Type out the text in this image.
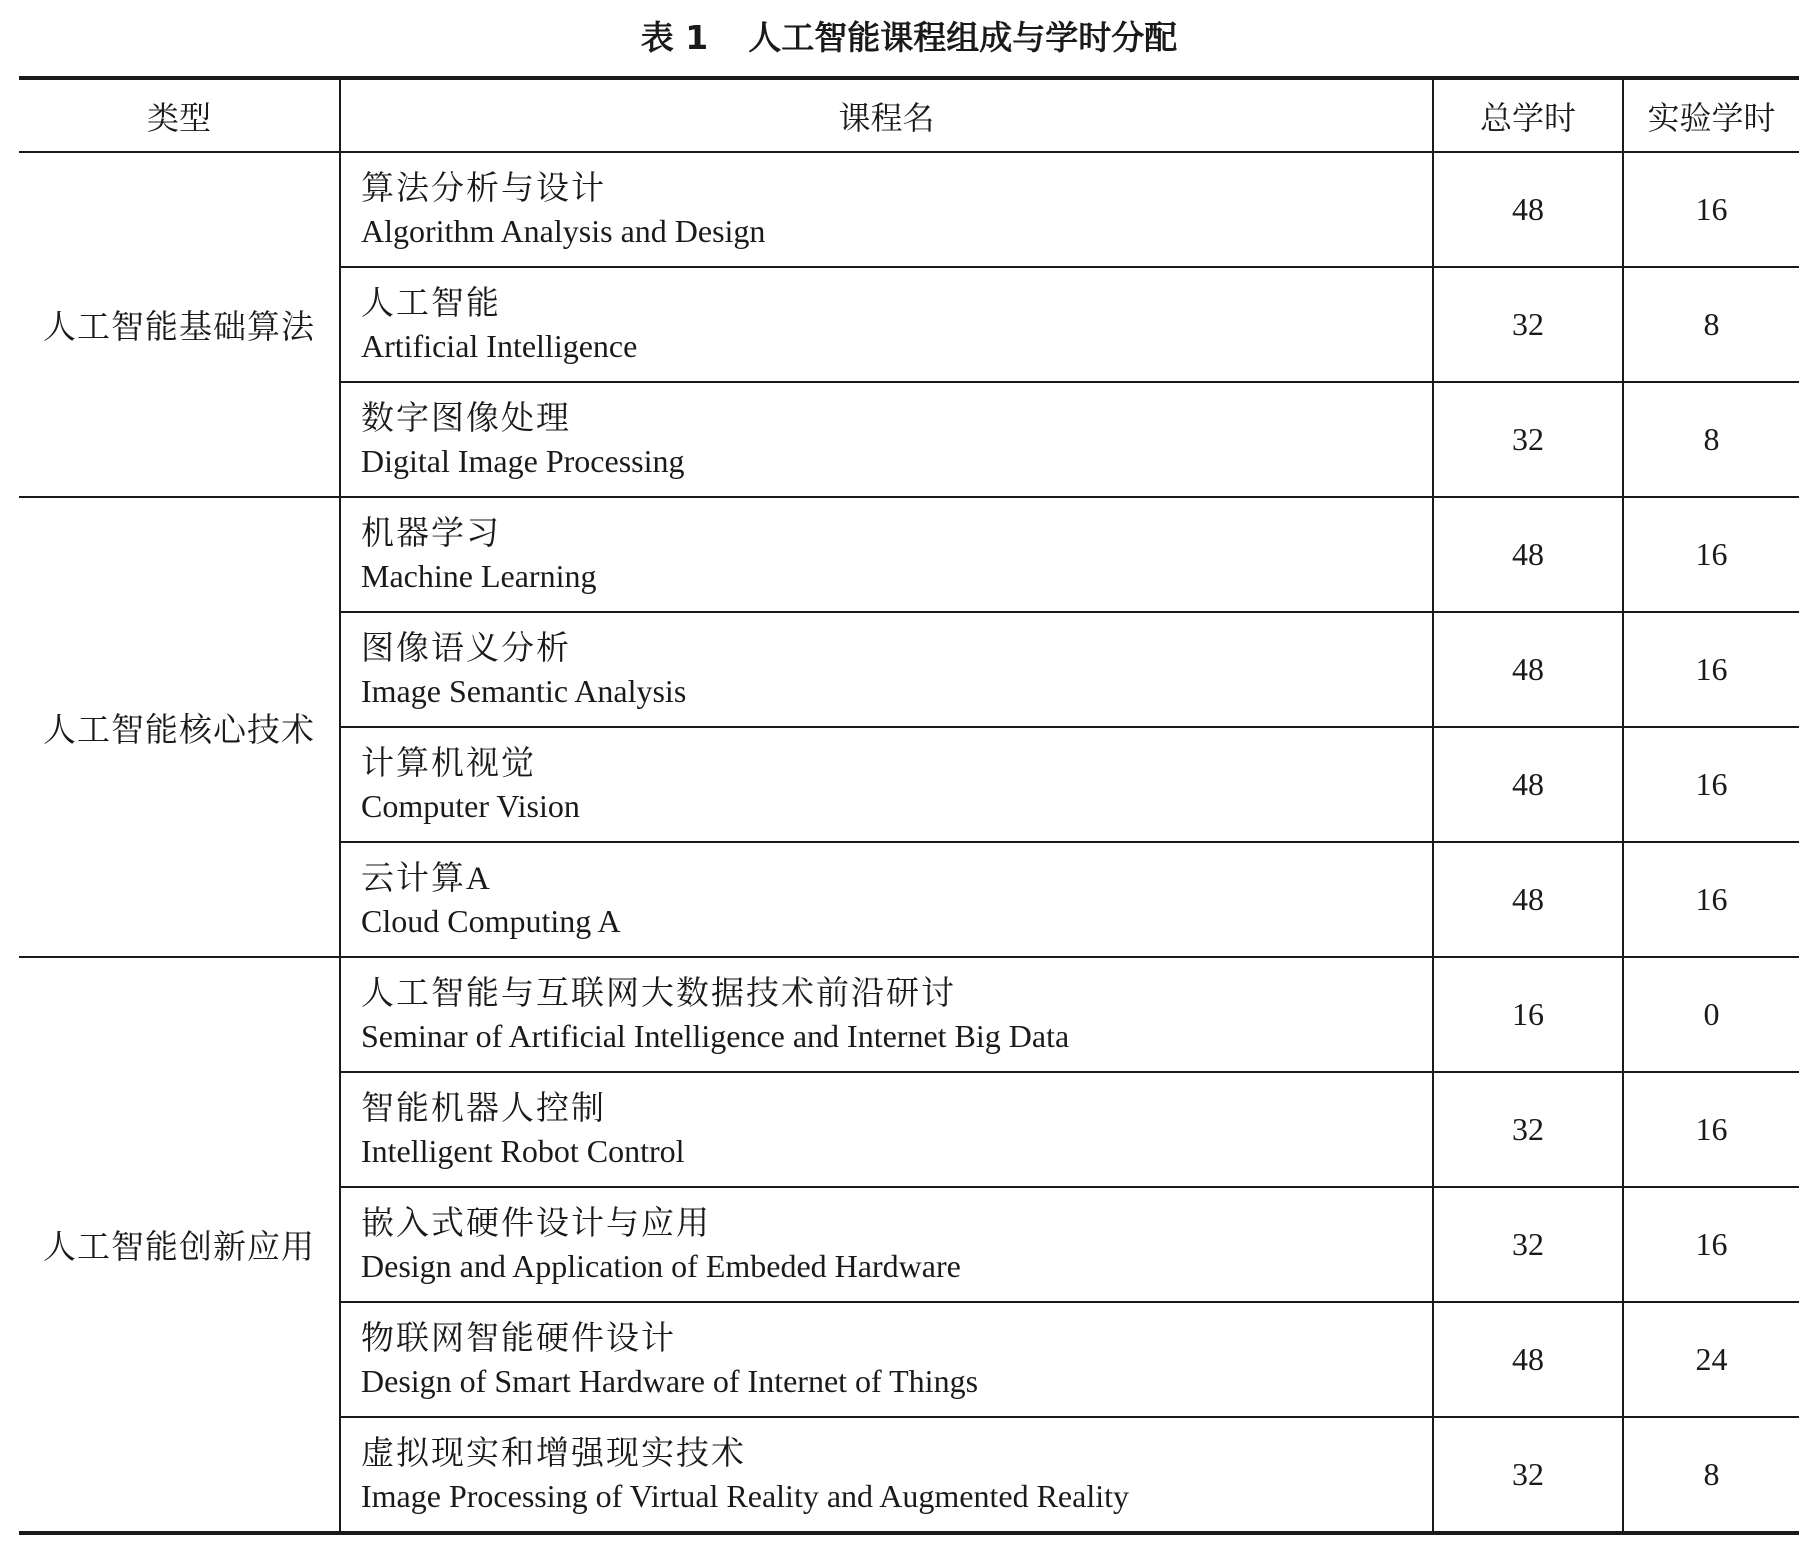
表 1 人工智能课程组成与学时分配
类型	课程名	总学时	实验学时
人工智能基础算法	算法分析与设计
Algorithm Analysis and Design	48	16

	人工智能
Artificial Intelligence	32	8

	数字图像处理
Digital Image Processing	32	8
人工智能核心技术	机器学习
Machine Learning	48	16

	图像语义分析
Image Semantic Analysis	48	16

	计算机视觉
Computer Vision	48	16

	云计算A
Cloud Computing A	48	16
人工智能创新应用	人工智能与互联网大数据技术前沿研讨
Seminar of Artificial Intelligence and Internet Big Data	16	0

	智能机器人控制
Intelligent Robot Control	32	16

	嵌入式硬件设计与应用
Design and Application of Embeded Hardware	32	16

	物联网智能硬件设计
Design of Smart Hardware of Internet of Things	48	24

	虚拟现实和增强现实技术
Image Processing of Virtual Reality and Augmented Reality	32	8
